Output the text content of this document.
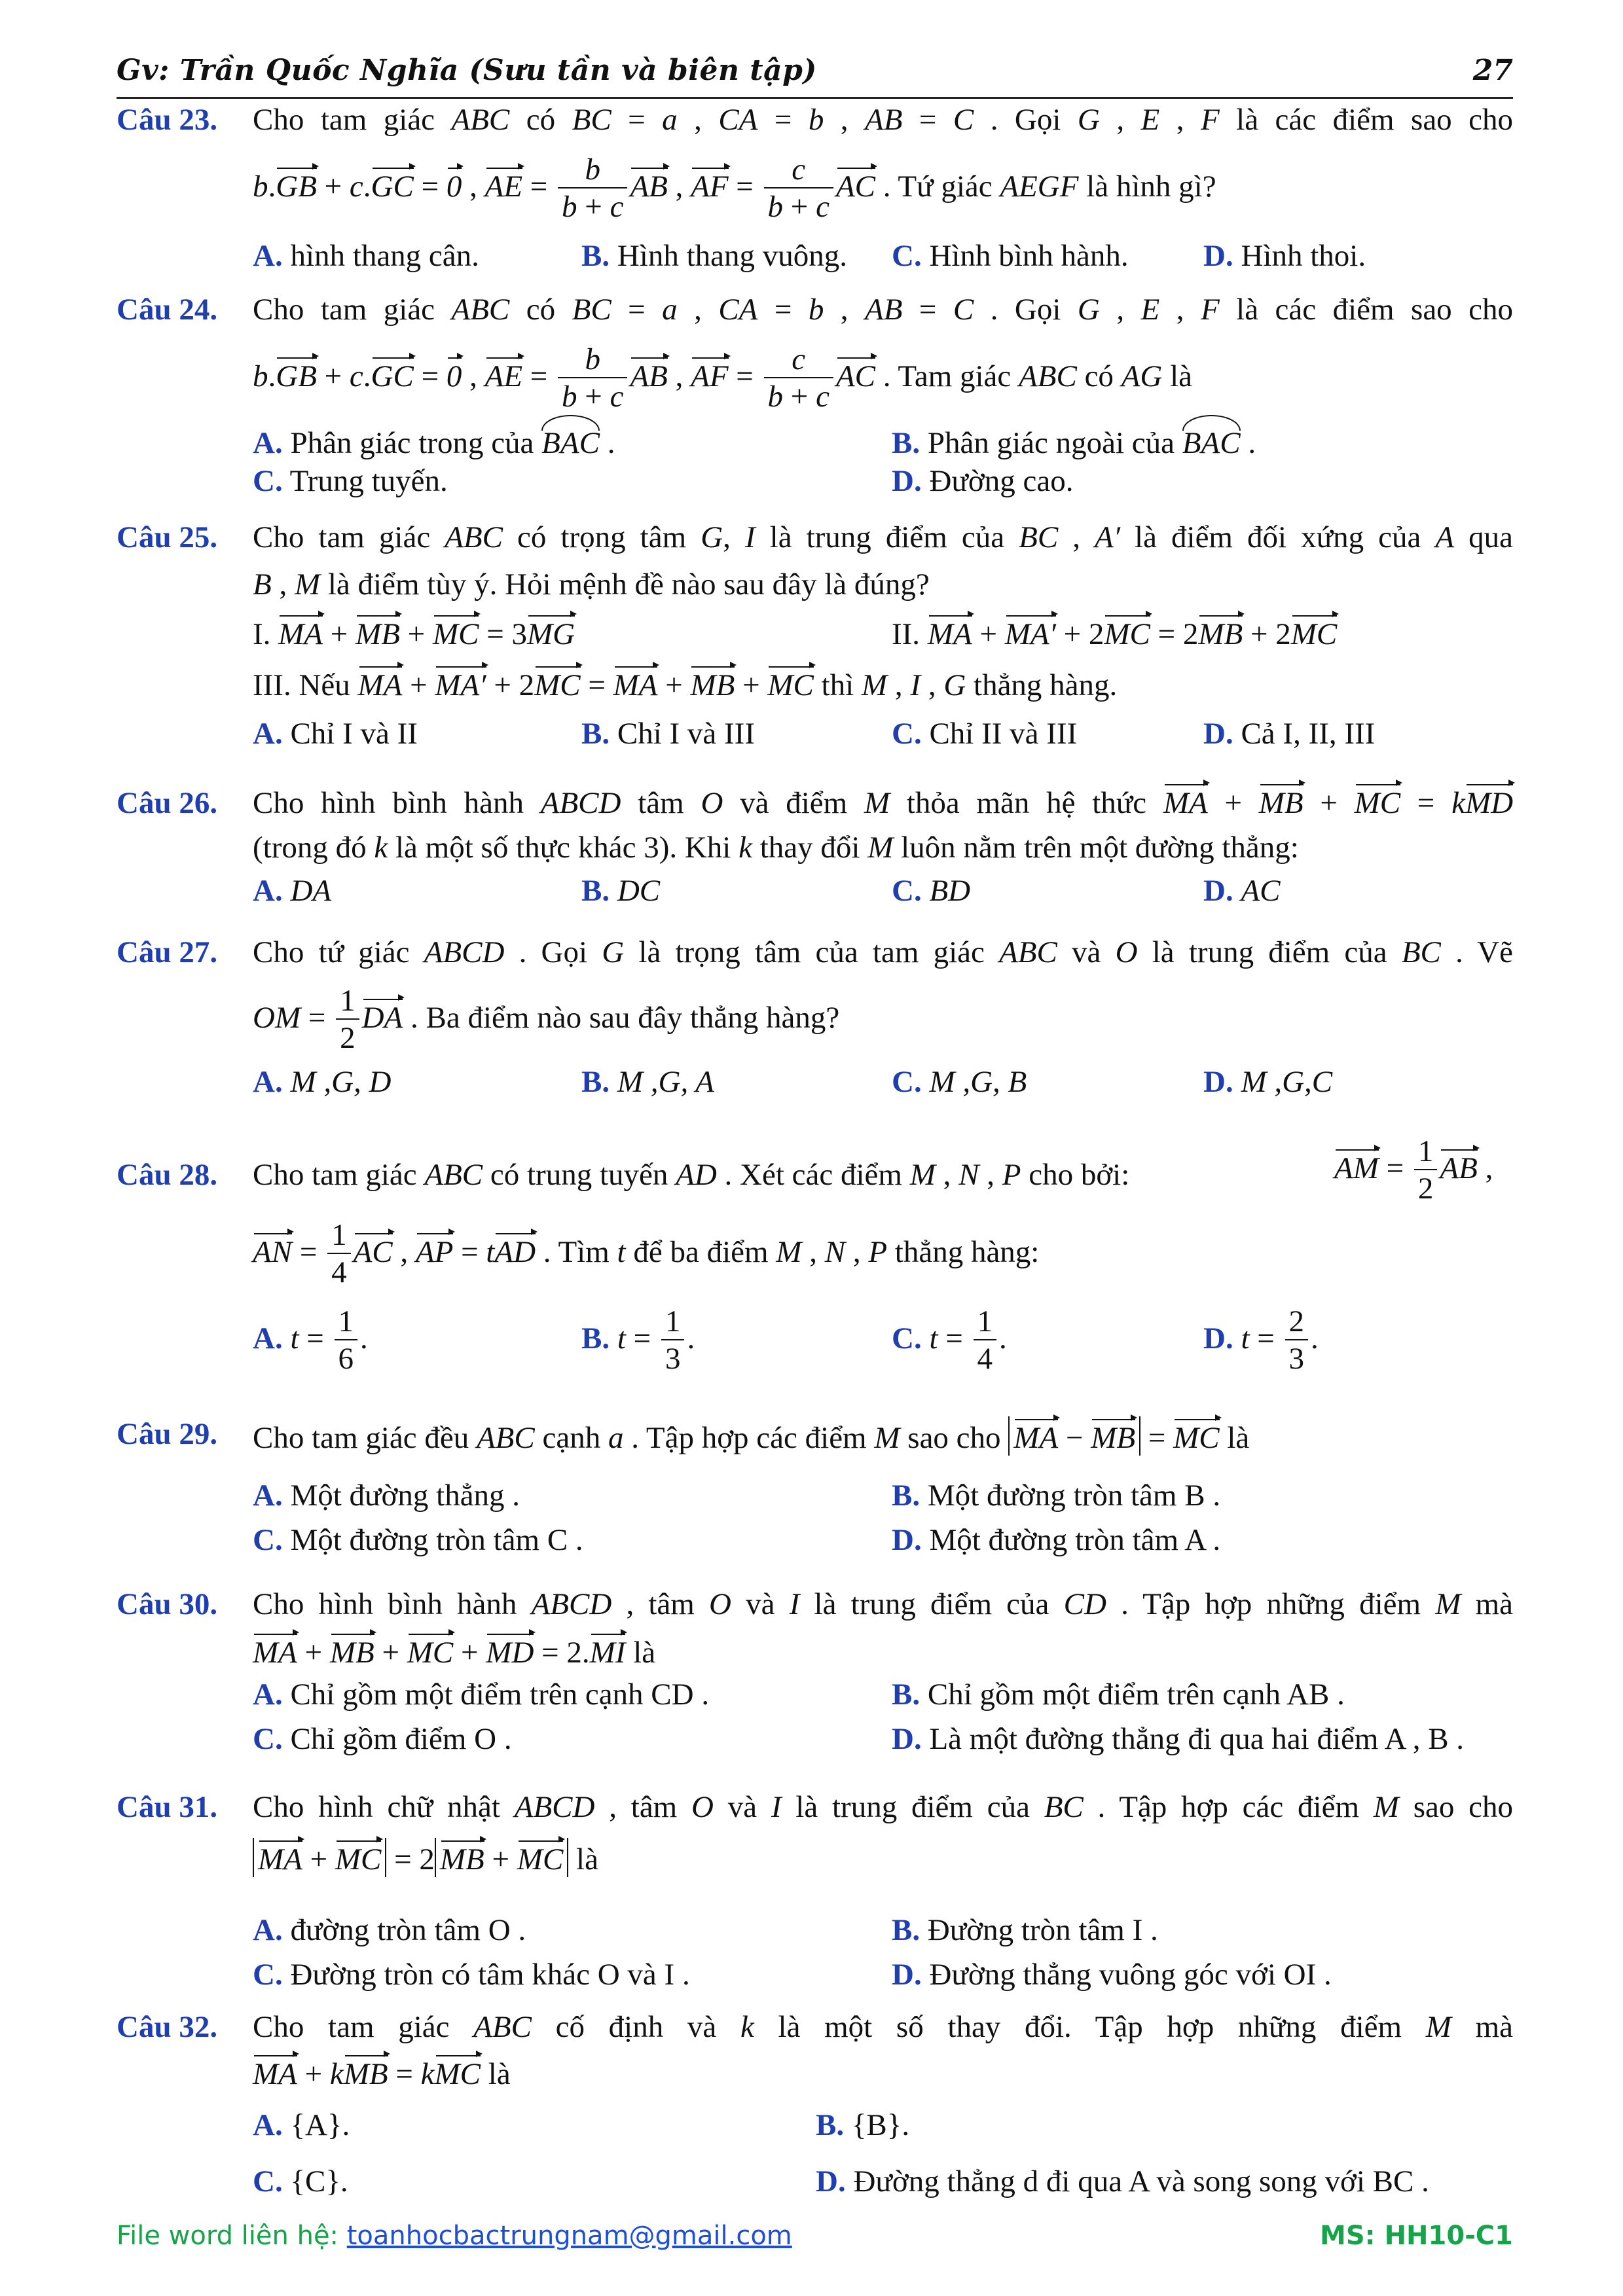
Gv: Trần Quốc Nghĩa (Sưu tần và biên tập)	27
Câu 23. Cho tam giác ABC có BC = a , CA = b , AB = C . Gọi G , E , F là các điểm sao cho
b.GB + c.GC = 0 , AE = $\frac{b}{b + c}$ AB , AF = $\frac{c}{b + c}$ AC . Tứ giác AEGF là hình gì?
A. hình thang cân.	B. Hình thang vuông. C. Hình bình hành. D. Hình thoi.
Câu 24. Cho tam giác ABC có BC = a , CA = b , AB = C . Gọi G , E , F là các điểm sao cho
b.GB + c.GC = 0 , AE = $\frac{b}{b + c}$ AB , AF = $\frac{c}{b + c}$ AC . Tam giác ABC có AG là
A. Phân giác trong của BAC .	B. Phân giác ngoài của BAC .
C. Trung tuyến.	D. Đường cao.
Câu 25. Cho tam giác ABC có trọng tâm G, I là trung điểm của BC , A′ là điểm đối xứng của A qua
B , M là điểm tùy ý. Hỏi mệnh đề nào sau đây là đúng?
I. MA + MB + MC = 3MG	II. MA + MA′ + 2MC = 2MB + 2MC
III. Nếu MA + MA′ + 2MC = MA + MB + MC thì M , I , G thẳng hàng.
A. Chỉ I và II	B. Chỉ I và III	C. Chỉ II và III	D. Cả I, II, III
Câu 26. Cho hình bình hành ABCD tâm O và điểm M thỏa mãn hệ thức MA + MB + MC = kMD
(trong đó k là một số thực khác 3). Khi k thay đổi M luôn nằm trên một đường thẳng:
A. DA	B. DC	C. BD	D. AC
Câu 27. Cho tứ giác ABCD . Gọi G là trọng tâm của tam giác ABC và O là trung điểm của BC . Vẽ
OM = $\frac{1}{2}$ DA . Ba điểm nào sau đây thẳng hàng?
A. M ,G, D	B. M ,G, A	C. M ,G, B	D. M ,G,C
Câu 28. Cho tam giác ABC có trung tuyến AD . Xét các điểm M , N , P cho bởi:	AM = $\frac{1}{2}$ AB ,
AN = $\frac{1}{4}$ AC , AP = tAD . Tìm t để ba điểm M , N , P thẳng hàng:
A. $t = \frac{1}{6}$ .	B. $t = \frac{1}{3}$ .	C. $t = \frac{1}{4}$ .	D. $t = \frac{2}{3}$ .
Câu 29. Cho tam giác đều ABC cạnh a . Tập hợp các điểm M sao cho MA − MB = MC là
A. Một đường thẳng .	B. Một đường tròn tâm B .
C. Một đường tròn tâm C .	D. Một đường tròn tâm A .
Câu 30. Cho hình bình hành ABCD , tâm O và I là trung điểm của CD . Tập hợp những điểm M mà
MA + MB + MC + MD = 2.MI là
A. Chỉ gồm một điểm trên cạnh CD .	B. Chỉ gồm một điểm trên cạnh AB .
C. Chỉ gồm điểm O .	D. Là một đường thẳng đi qua hai điểm A , B .
Câu 31. Cho hình chữ nhật ABCD , tâm O và I là trung điểm của BC . Tập hợp các điểm M sao cho
MA + MC = 2 MB + MC là
A. đường tròn tâm O .	B. Đường tròn tâm I .
C. Đường tròn có tâm khác O và I .	D. Đường thẳng vuông góc với OI .
Câu 32. Cho tam giác ABC cố định và k là một số thay đổi. Tập hợp những điểm M mà
MA + kMB = kMC là
A. {A}.	B. {B}.
C. {C}.	D. Đường thẳng d đi qua A và song song với BC .
File word liên hệ: toanhocbactrungnam@gmail.com	MS: HH10-C1
